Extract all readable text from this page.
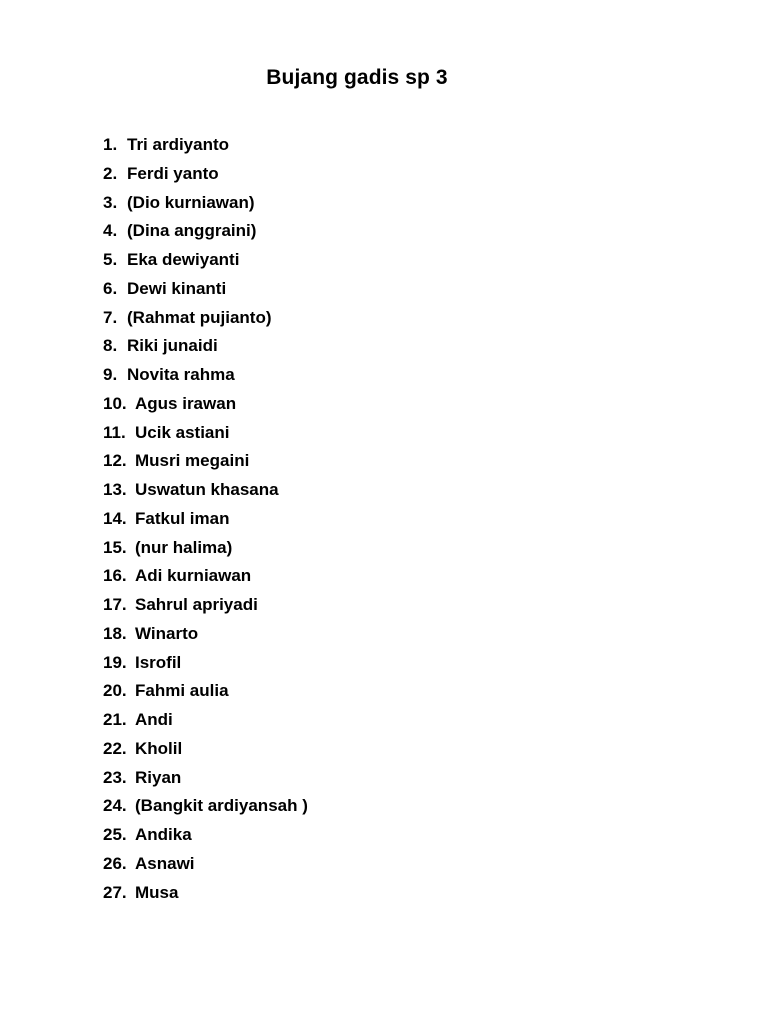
Bujang gadis sp 3
1. Tri ardiyanto
2. Ferdi yanto
3. (Dio kurniawan)
4. (Dina anggraini)
5. Eka dewiyanti
6. Dewi kinanti
7. (Rahmat pujianto)
8. Riki junaidi
9. Novita rahma
10. Agus irawan
11. Ucik astiani
12. Musri megaini
13. Uswatun khasana
14. Fatkul iman
15. (nur halima)
16. Adi kurniawan
17. Sahrul apriyadi
18. Winarto
19. Isrofil
20. Fahmi aulia
21. Andi
22. Kholil
23. Riyan
24. (Bangkit ardiyansah )
25. Andika
26. Asnawi
27. Musa
